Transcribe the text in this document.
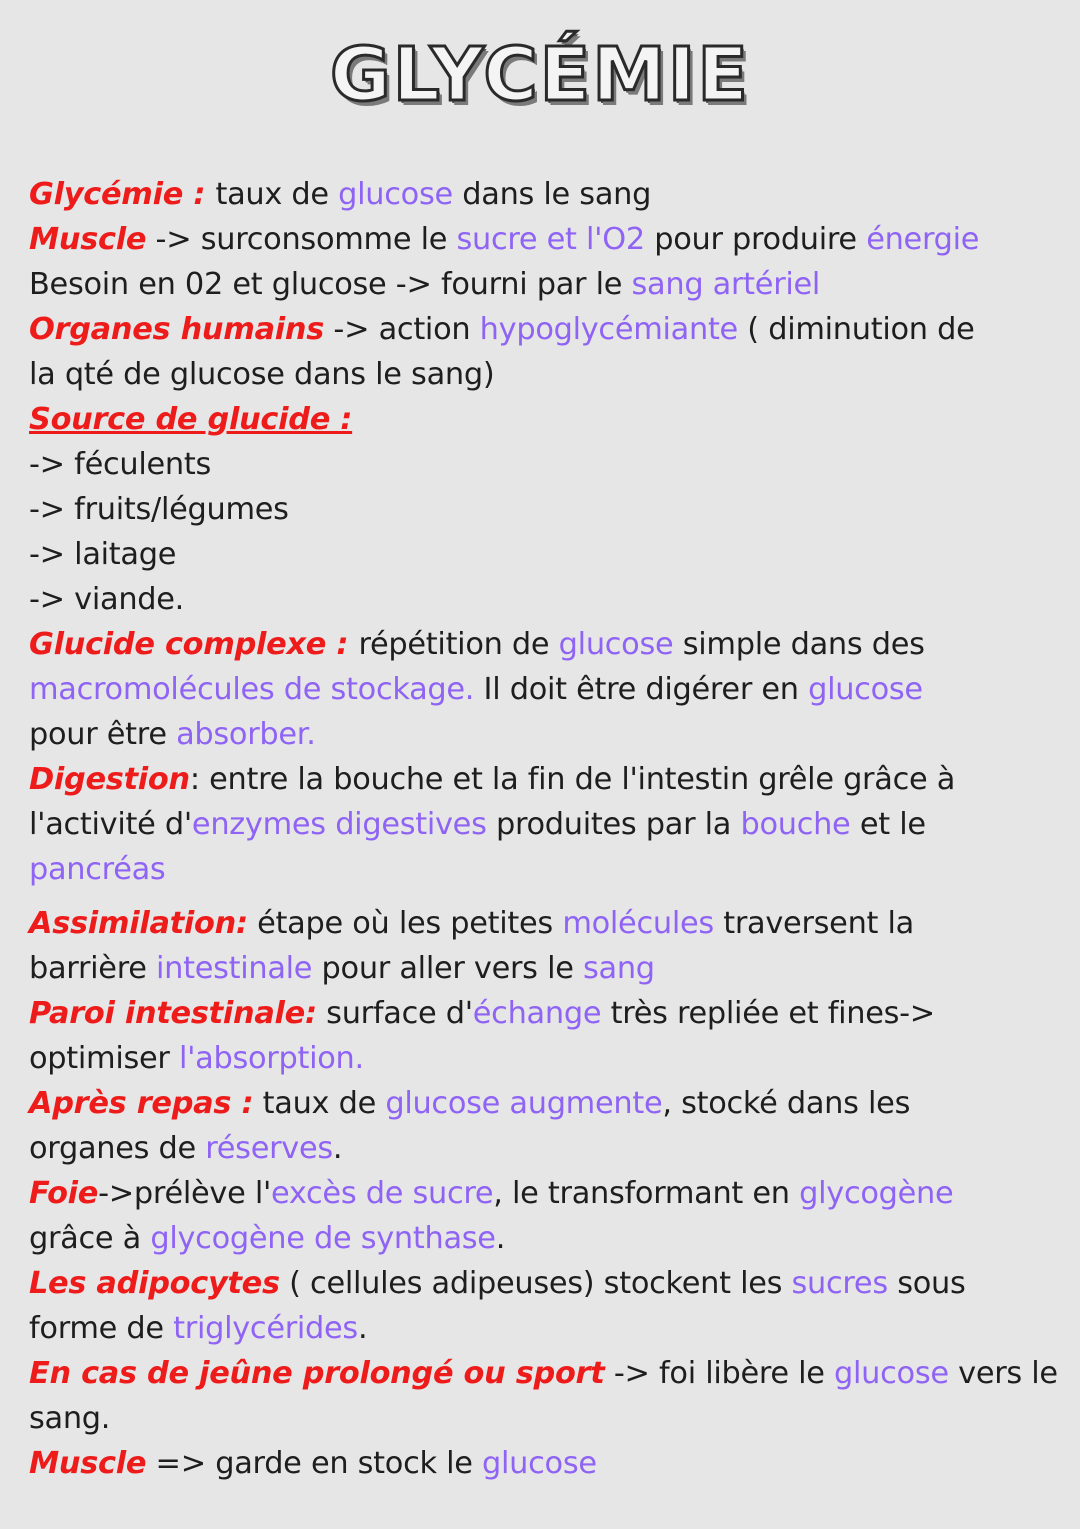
GLYCÉMIE
Glycémie : taux de glucose dans le sang
Muscle -> surconsomme le sucre et l'O2 pour produire énergie
Besoin en 02 et glucose -> fourni par le sang artériel
Organes humains -> action hypoglycémiante ( diminution de
la qté de glucose dans le sang)
Source de glucide :
-> féculents
-> fruits/légumes
-> laitage
-> viande.
Glucide complexe : répétition de glucose simple dans des
macromolécules de stockage. Il doit être digérer en glucose
pour être absorber.
Digestion: entre la bouche et la fin de l'intestin grêle grâce à
l'activité d'enzymes digestives produites par la bouche et le
pancréas
Assimilation: étape où les petites molécules traversent la
barrière intestinale pour aller vers le sang
Paroi intestinale: surface d'échange très repliée et fines->
optimiser l'absorption.
Après repas : taux de glucose augmente, stocké dans les
organes de réserves.
Foie->prélève l'excès de sucre, le transformant en glycogène
grâce à glycogène de synthase.
Les adipocytes ( cellules adipeuses) stockent les sucres sous
forme de triglycérides.
En cas de jeûne prolongé ou sport -> foi libère le glucose vers le
sang.
Muscle => garde en stock le glucose
